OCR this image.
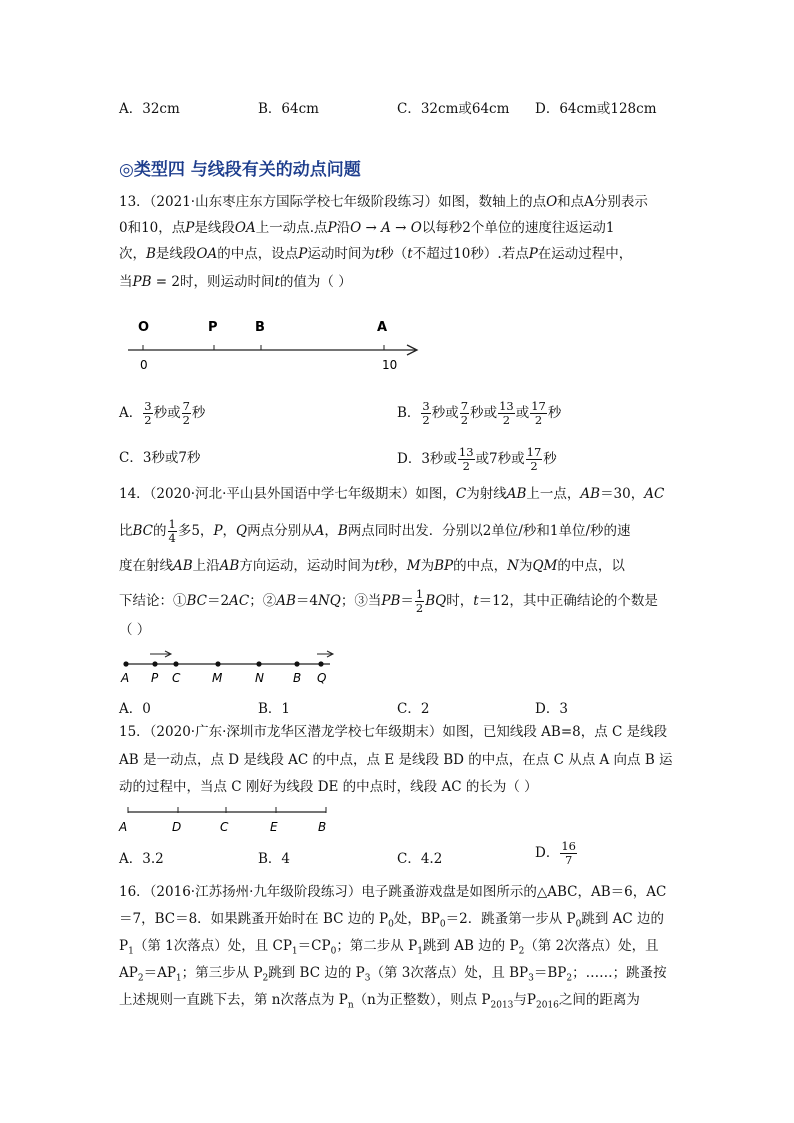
A．32cm	B．64cm	C．32cm或64cm D．64cm或128cm
◎类型四 与线段有关的动点问题
13．（2021·山东枣庄东方国际学校七年级阶段练习）如图，数轴上的点O和点A分别表示
0和10，点P是线段OA上一动点.点P沿O → A → O以每秒2个单位的速度往返运动1
次，B是线段OA的中点，设点P运动时间为t秒（t不超过10秒）.若点P在运动过程中，
当PB = 2时，则运动时间t的值为（ ）
O	P	B	A
0	10
A． $\frac{3}{2}$ 秒或 $\frac{7}{2}$ 秒	B． $\frac{3}{2}$ 秒或 $\frac{7}{2}$ 秒或 $\frac{13}{2}$ 或 $\frac{17}{2}$ 秒
C．3秒或7秒	D．3秒或 $\frac{13}{2}$ 或7秒或 $\frac{17}{2}$ 秒
14．（2020·河北·平山县外国语中学七年级期末）如图，C为射线AB上一点，AB＝30，AC
比BC的 $\frac{1}{4}$ 多5，P，Q两点分别从A，B两点同时出发．分别以2单位/秒和1单位/秒的速
度在射线AB上沿AB方向运动，运动时间为t秒，M为BP的中点，N为QM的中点，以
下结论：①BC＝2AC；②AB＝4NQ；③当$PB= \frac{1}{2}$ BQ时，t＝12，其中正确结论的个数是
（ ）
A P C	M	N B Q
A．0	B．1	C．2	D．3
15．（2020·广东·深圳市龙华区潜龙学校七年级期末）如图，已知线段 AB=8，点 C 是线段
AB 是一动点，点 D 是线段 AC 的中点，点 E 是线段 BD 的中点，在点 C 从点 A 向点 B 运
动的过程中，当点 C 刚好为线段 DE 的中点时，线段 AC 的长为（ ）
A	D	C	E	B
A．3.2	B．4	C．4.2	D． $\frac{16}{7}$
16．（2016·江苏扬州·九年级阶段练习）电子跳蚤游戏盘是如图所示的△ABC，AB＝6，AC
＝7，BC＝8．如果跳蚤开始时在 BC 边的 $P_0$处，$BP_0=2$．跳蚤第一步从 $P_0$跳到 AC 边的
$P_1$（第 1次落点）处，且 $CP_1=CP_0$；第二步从 $P_1$跳到 AB 边的 $P_2$（第 2次落点）处，且
$AP_2=AP_1$；第三步从 $P_2$跳到 BC 边的 $P_3$（第 3次落点）处，且 $BP_3=BP_2$；……；跳蚤按
上述规则一直跳下去，第 n次落点为 $P_n(n$为正整数），则点 $P_{2013}$与$P_{2016}$之间的距离为
